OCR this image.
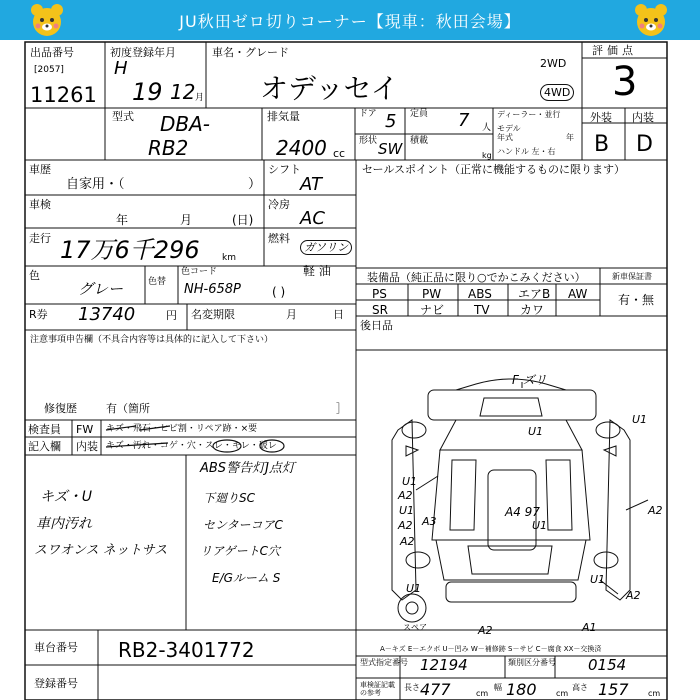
JU秋田ゼロ切りコーナー【現車：秋田会場】
出品番号
[2057]
11261
初度登録年月
H
19 12 月
車名・グレード
オデッセイ
2WD
4WD
評価点
3
型式 DBA-
RB2
排気量
2400 cc
ドア 5 定員 7 人
形状 SW 積載
kg
ディーラー・並行
モデル
年式	年
ハンドル 左・右
外装 内装
B D
車歴
自家用・（	）
車検
年	月	(日)
走行 17万6千296 km
シフト
AT
冷房
AC
燃料
ガソリン
軽 油
( )
色
グレー	色替
色コード
NH-658P
R券 13740	円 名変期限	月	日
セールスポイント（正常に機能するものに限ります）
装備品（純正品に限り○でかこみください）
PS	PW ABS エアB AW
SR	ナビ TV	カワ
新車保証書
有・無
後日品
注意事項申告欄（不具合内容等は具体的に記入して下さい）
修復歴	有（箇所	］
検査員
記入欄
FW
内装
キズ・飛石・ヒビ割・リペア跡・×要
キズ・汚れ・コゲ・穴・スレ・キレ・破レ
キズ・U
車内汚れ
スワオンス ネットサス
ABS警告灯J点灯
下廻りSC
センターコアC
リアゲートC穴
E/Gルーム S
F ズリ
U1
U1
U1
A2
U1
A2 A3
A4 97
U1
A2
U1
A2
A2
U1
A2	A1
スペア
A－キズ E－エクボ U－凹み W－補修跡 S－サビ C－腐食 XX－交換済
車台番号 RB2-3401772
登録番号
型式指定番号 12194	類別区分番号 0154
車検証記載の参考
長さ 477	cm
幅 180 cm
高さ 157 cm
